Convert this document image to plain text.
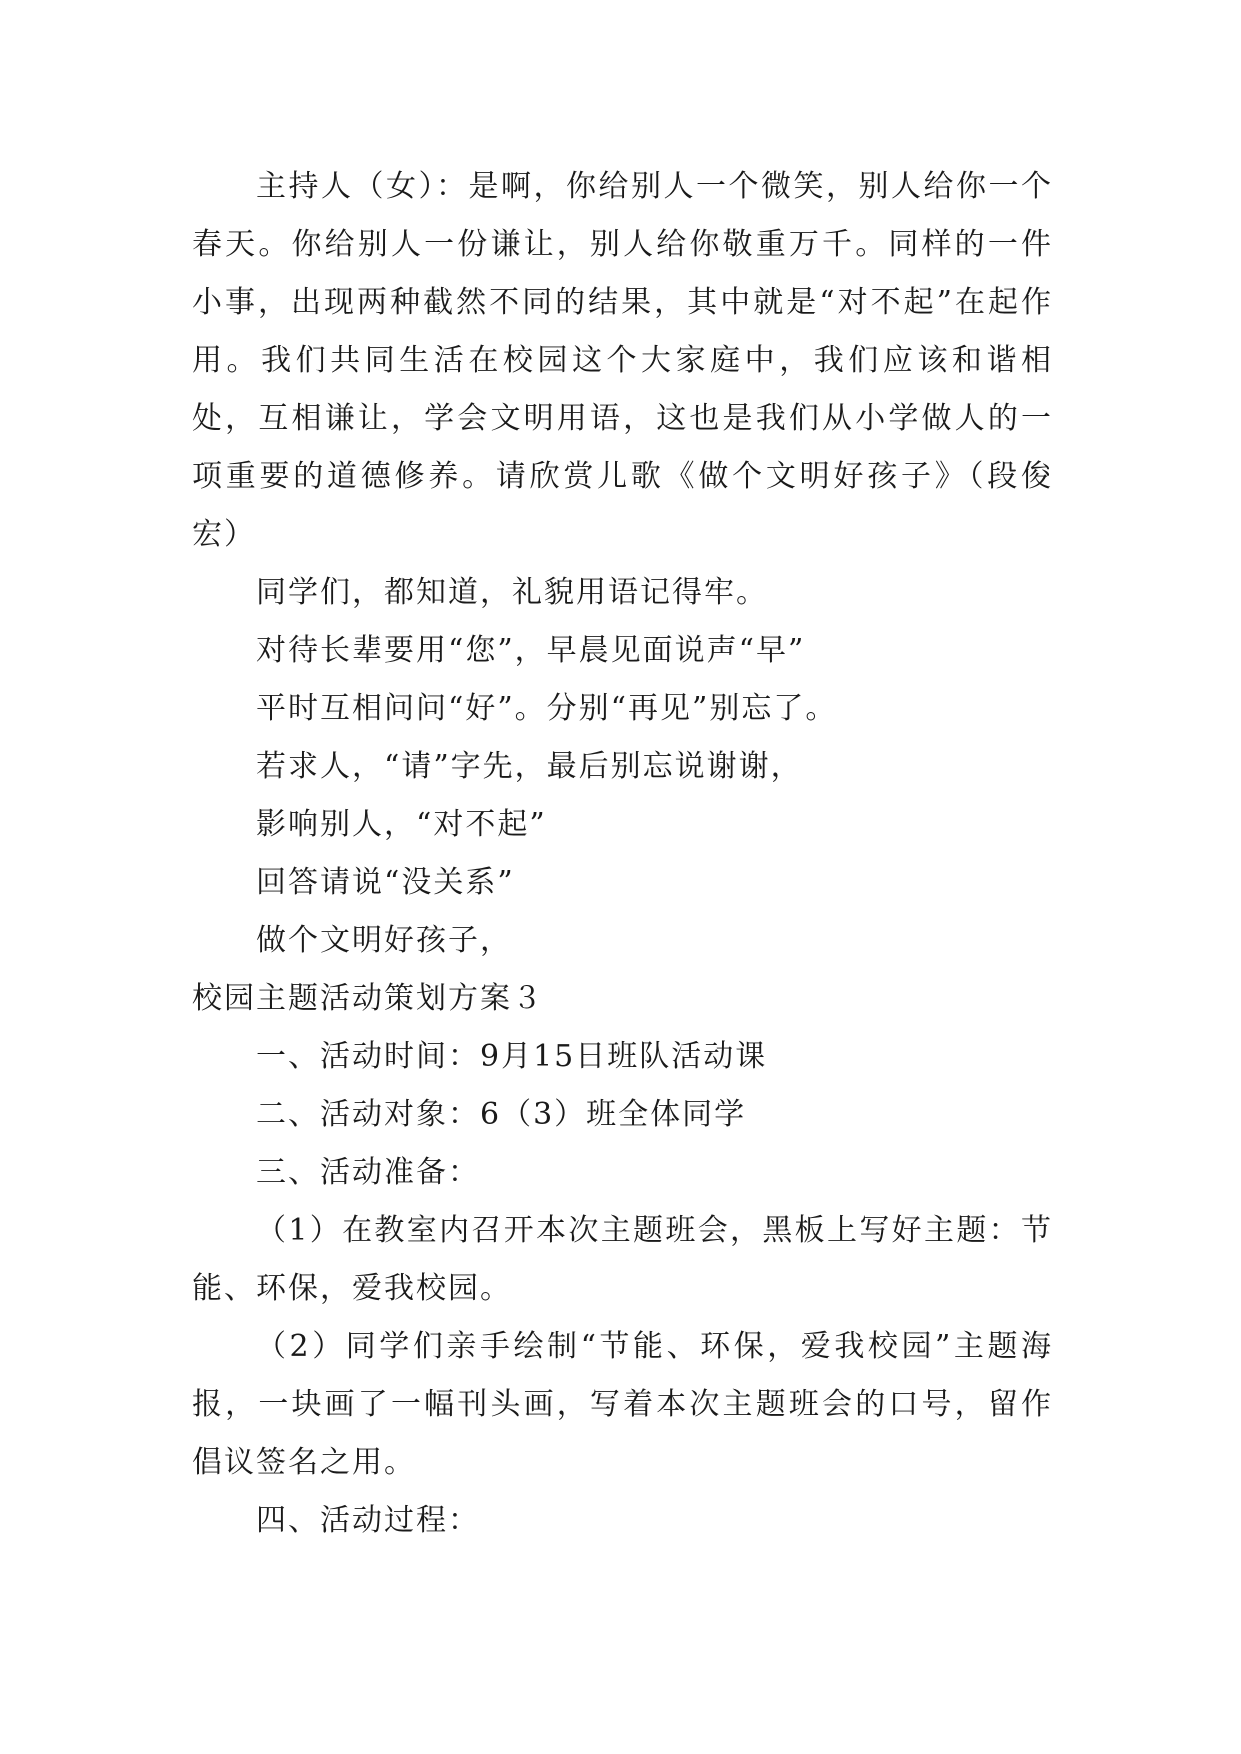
主持人（女）：是啊，你给别人一个微笑，别人给你一个春天。你给别人一份谦让，别人给你敬重万千。同样的一件小事，出现两种截然不同的结果，其中就是“对不起”在起作用。我们共同生活在校园这个大家庭中，我们应该和谐相处，互相谦让，学会文明用语，这也是我们从小学做人的一项重要的道德修养。请欣赏儿歌《做个文明好孩子》（段俊宏）

同学们，都知道，礼貌用语记得牢。

对待长辈要用“您”，早晨见面说声“早”

平时互相问问“好”。分别“再见”别忘了。

若求人，“请”字先，最后别忘说谢谢，

影响别人，“对不起”

回答请说“没关系”

做个文明好孩子，

校园主题活动策划方案３

一、活动时间：9月15日班队活动课

二、活动对象：6（3）班全体同学

三、活动准备：

（1）在教室内召开本次主题班会，黑板上写好主题：节能、环保，爱我校园。

（2）同学们亲手绘制“节能、环保，爱我校园”主题海报，一块画了一幅刊头画，写着本次主题班会的口号，留作倡议签名之用。

四、活动过程：
